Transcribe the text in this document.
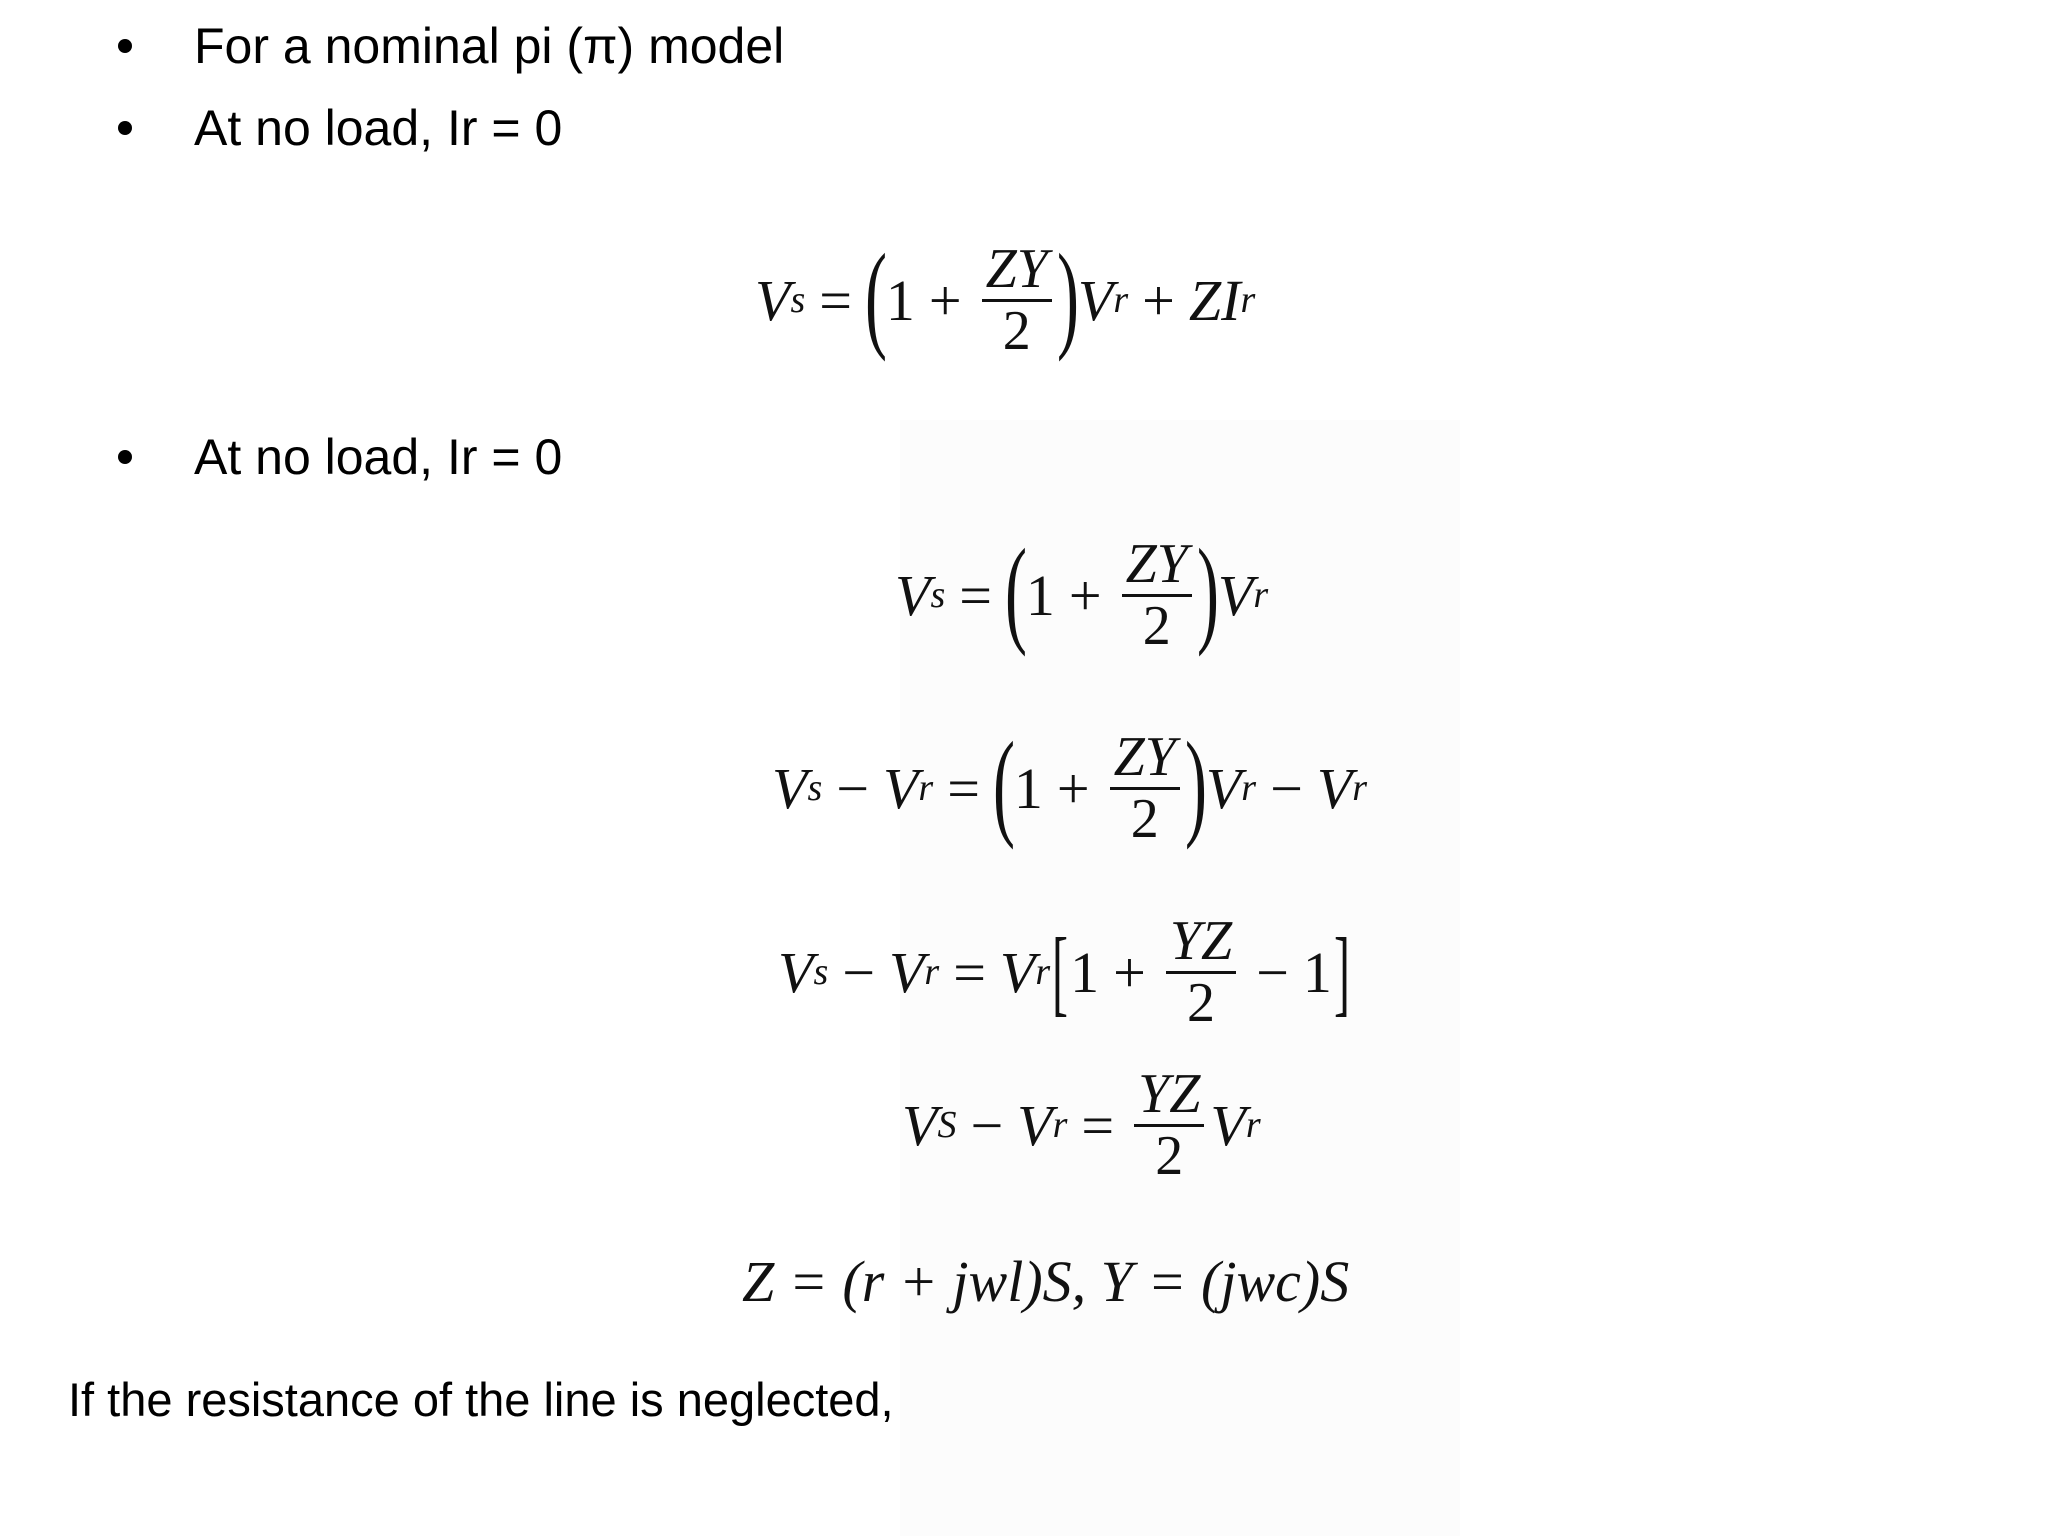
For a nominal pi (π) model
At no load, Ir = 0
At no load, Ir = 0
V s = (
$1 + \frac{ZY}{2}$ )
V r + ZI r
V s = (
$1 + \frac{ZY}{2}$ )
V r
V s − V r = (
$1 + \frac{ZY}{2}$ )
V r − V r
V s − V r = V r [ $1 + \frac{YZ}{2} - 1$ ]
V S − V $r = \frac{YZ}{2}$ V r
Z = (r + jwl)S, Y = (jwc)S
If the resistance of the line is neglected,
